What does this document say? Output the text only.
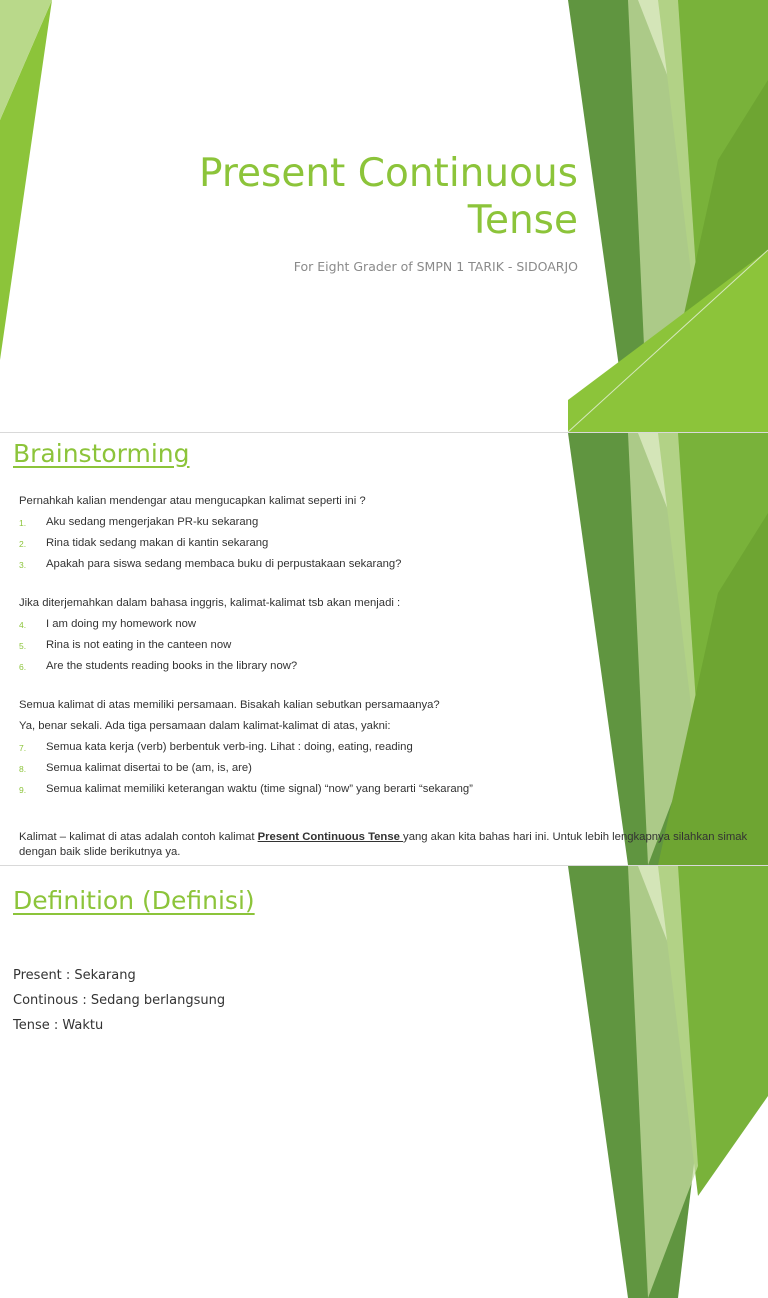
Present Continuous
Tense
For Eight Grader of SMPN 1 TARIK - SIDOARJO
Brainstorming
Pernahkah kalian mendengar atau mengucapkan kalimat seperti ini ?
1. Aku sedang mengerjakan PR-ku sekarang
2. Rina tidak sedang makan di kantin sekarang
3. Apakah para siswa sedang membaca buku di perpustakaan sekarang?
Jika diterjemahkan dalam bahasa inggris, kalimat-kalimat tsb akan menjadi :
4. I am doing my homework now
5. Rina is not eating in the canteen now
6. Are the students reading books in the library now?
Semua kalimat di atas memiliki persamaan. Bisakah kalian sebutkan persamaanya?
Ya, benar sekali. Ada tiga persamaan dalam kalimat-kalimat di atas, yakni:
7. Semua kata kerja (verb) berbentuk verb-ing. Lihat : doing, eating, reading
8. Semua kalimat disertai to be (am, is, are)
9. Semua kalimat memiliki keterangan waktu (time signal) “now” yang berarti “sekarang”
Kalimat – kalimat di atas adalah contoh kalimat Present Continuous Tense yang akan kita bahas hari ini. Untuk lebih lengkapnya silahkan simak dengan baik slide berikutnya ya.
Definition (Definisi)
Present : Sekarang
Continous : Sedang berlangsung
Tense : Waktu
